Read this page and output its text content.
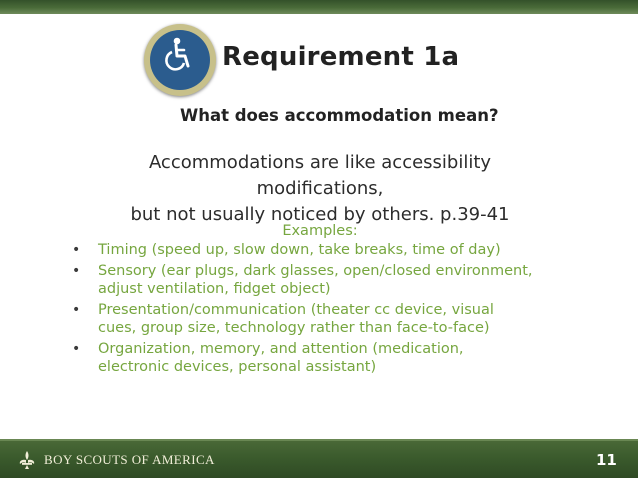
Requirement 1a
What does accommodation mean?
Accommodations are like accessibility modifications,
but not usually noticed by others. p.39-41
Examples:
• Timing (speed up, slow down, take breaks, time of day)
• Sensory (ear plugs, dark glasses, open/closed environment,
adjust ventilation, fidget object)
• Presentation/communication (theater cc device, visual
cues, group size, technology rather than face-to-face)
• Organization, memory, and attention (medication,
electronic devices, personal assistant)
BOY SCOUTS OF AMERICA	11
